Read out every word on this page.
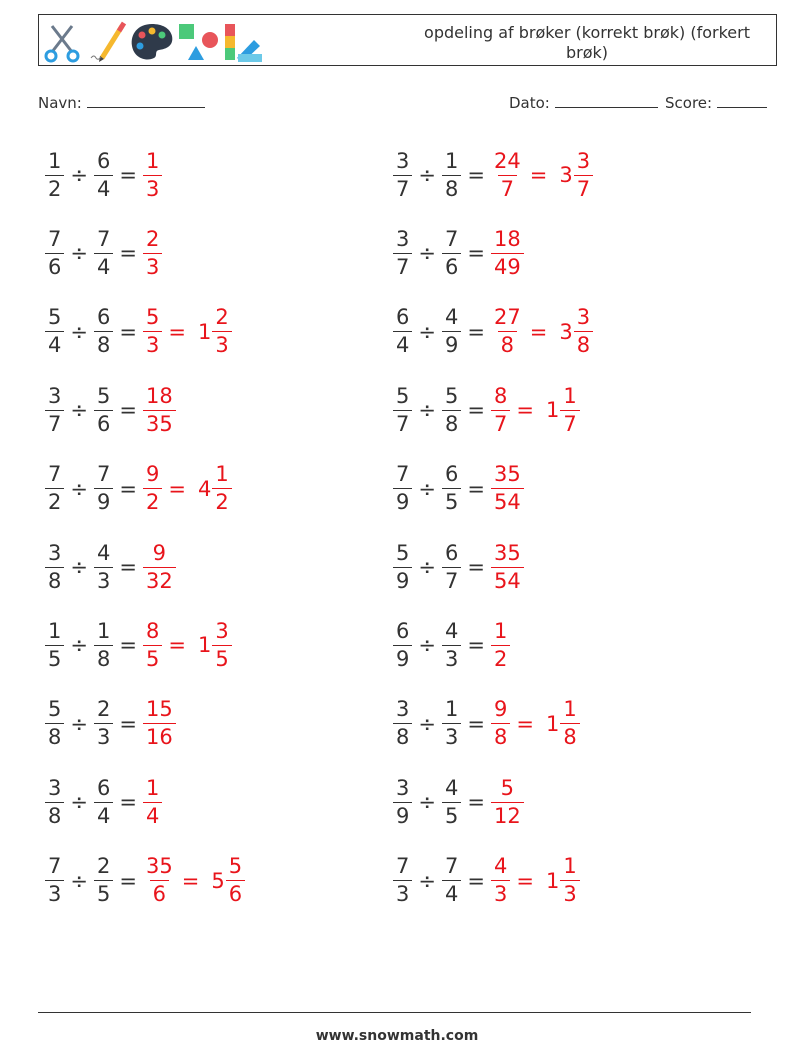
opdeling af brøker (korrekt brøk) (forkert brøk)
Navn:	Dato:	Score:
$\frac{1}{2} \div \frac{6}{4} = \frac{1}{3}$	$\frac{3}{7} \div \frac{1}{8} = \frac{24}{7} = 3 \frac{3}{7}$
$\frac{7}{6} \div \frac{7}{4} = \frac{2}{3}$	$\frac{3}{7} \div \frac{7}{6} = \frac{18}{49}$
$\frac{5}{4} \div \frac{6}{8} = \frac{5}{3} = 1 \frac{2}{3}$	$\frac{6}{4} \div \frac{4}{9} = \frac{27}{8} = 3 \frac{3}{8}$
$\frac{3}{7} \div \frac{5}{6} = \frac{18}{35}$	$\frac{5}{7} \div \frac{5}{8} = \frac{8}{7} = 1 \frac{1}{7}$
$\frac{7}{2} \div \frac{7}{9} = \frac{9}{2} = 4 \frac{1}{2}$	$\frac{7}{9} \div \frac{6}{5} = \frac{35}{54}$
$\frac{3}{8} \div \frac{4}{3} = \frac{9}{32}$	$\frac{5}{9} \div \frac{6}{7} = \frac{35}{54}$
$\frac{1}{5} \div \frac{1}{8} = \frac{8}{5} = 1 \frac{3}{5}$	$\frac{6}{9} \div \frac{4}{3} = \frac{1}{2}$
$\frac{5}{8} \div \frac{2}{3} = \frac{15}{16}$	$\frac{3}{8} \div \frac{1}{3} = \frac{9}{8} = 1 \frac{1}{8}$
$\frac{3}{8} \div \frac{6}{4} = \frac{1}{4}$	$\frac{3}{9} \div \frac{4}{5} = \frac{5}{12}$
$\frac{7}{3} \div \frac{2}{5} = \frac{35}{6} = 5 \frac{5}{6}$	$\frac{7}{3} \div \frac{7}{4} = \frac{4}{3} = 1 \frac{1}{3}$
www.snowmath.com
